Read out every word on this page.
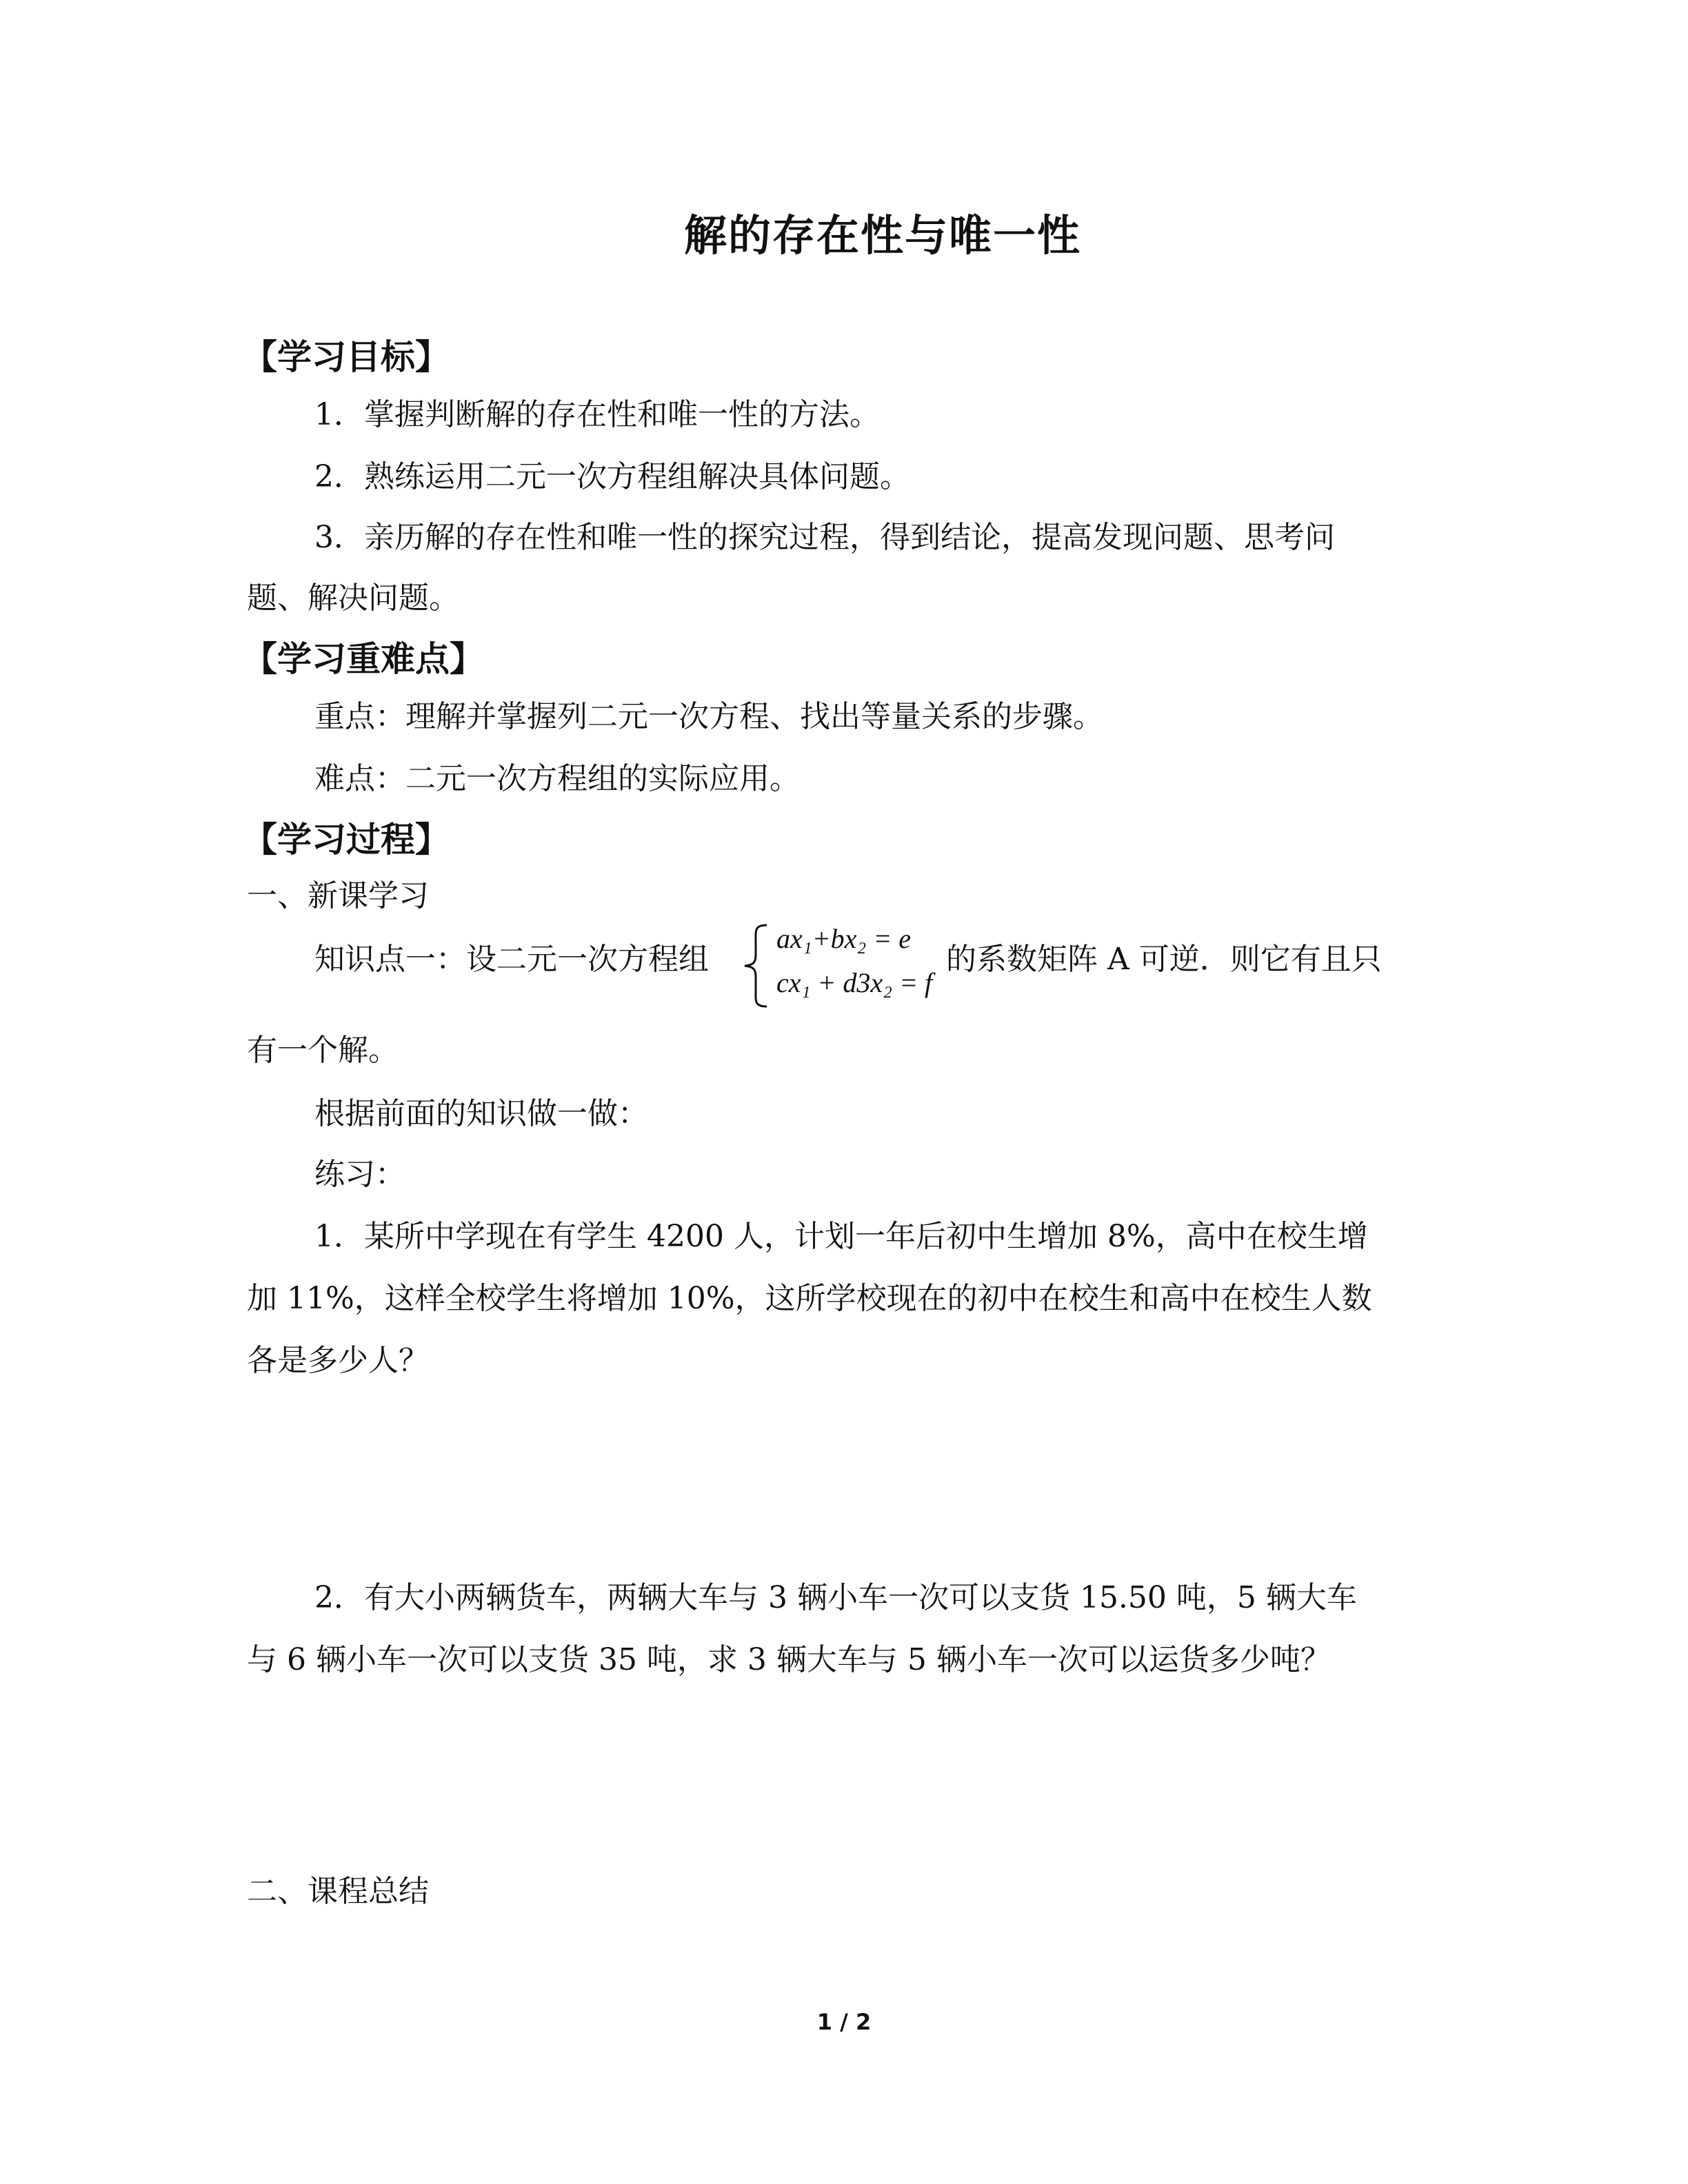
解的存在性与唯一性
【学习目标】

1．掌握判断解的存在性和唯一性的方法。

2．熟练运用二元一次方程组解决具体问题。

3．亲历解的存在性和唯一性的探究过程，得到结论，提高发现问题、思考问

题、解决问题。

【学习重难点】

重点：理解并掌握列二元一次方程、找出等量关系的步骤。

难点：二元一次方程组的实际应用。

【学习过程】

一、新课学习

知识点一：设二元一次方程组

ax₁+bx₂ = e
cx₁ + d3x₂ = f

的系数矩阵 A 可逆．则它有且只

有一个解。

根据前面的知识做一做：

练习：

1．某所中学现在有学生 4200 人，计划一年后初中生增加 8%，高中在校生增

加 11%，这样全校学生将增加 10%，这所学校现在的初中在校生和高中在校生人数

各是多少人？

2．有大小两辆货车，两辆大车与 3 辆小车一次可以支货 15.50 吨，5 辆大车

与 6 辆小车一次可以支货 35 吨，求 3 辆大车与 5 辆小车一次可以运货多少吨？

二、课程总结

1 / 2
